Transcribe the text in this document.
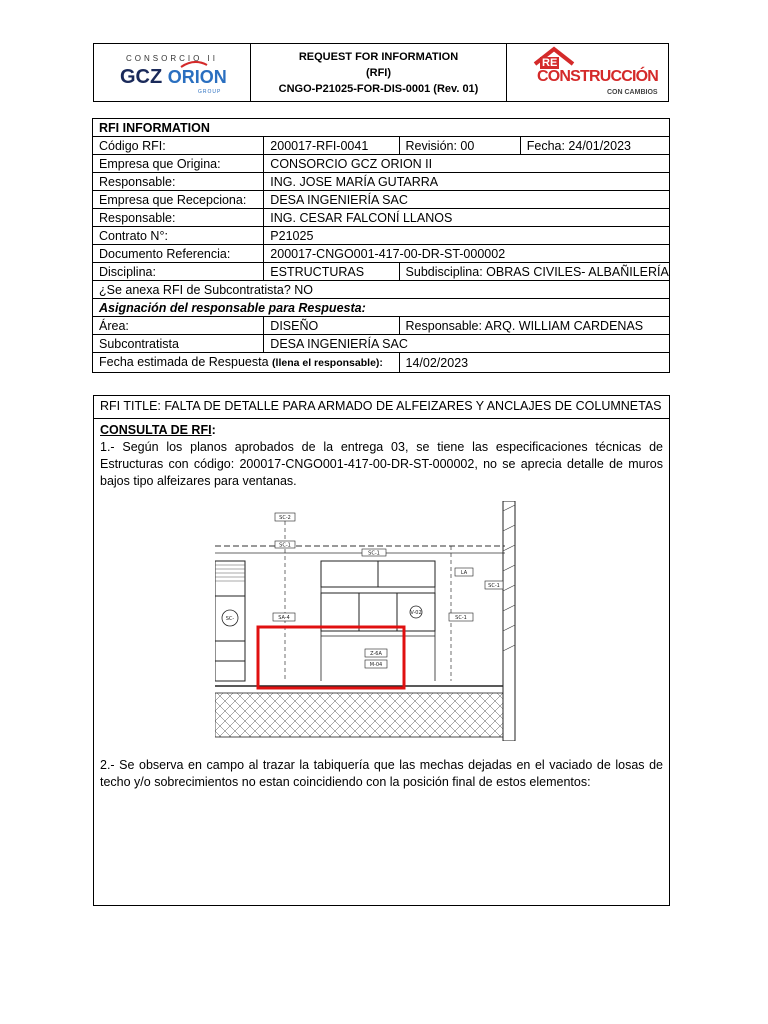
CONSORCIO II
GCZ ORION
GROUP
REQUEST FOR INFORMATION
(RFI)
CNGO-P21025-FOR-DIS-0001 (Rev. 01)
RE
CONSTRUCCIÓN
CON CAMBIOS
RFI INFORMATION			
Código RFI:	200017-RFI-0041	Revisión: 00	Fecha: 24/01/2023
Empresa que Origina:	CONSORCIO GCZ ORION II		
Responsable:	ING. JOSE MARÍA GUTARRA		
Empresa que Recepciona:	DESA INGENIERÍA SAC		
Responsable:	ING. CESAR FALCONÍ LLANOS		
Contrato N°:	P21025		
Documento Referencia:	200017-CNGO001-417-00-DR-ST-000002		
Disciplina:	ESTRUCTURAS	Subdisciplina: OBRAS CIVILES- ALBAÑILERÍA	
¿Se anexa RFI de Subcontratista? NO			
Asignación del responsable para Respuesta:			
Área:	DISEÑO	Responsable: ARQ. WILLIAM CARDENAS	
Subcontratista	DESA INGENIERÍA SAC		
Fecha estimada de Respuesta (llena el responsable):		14/02/2023	
RFI TITLE: FALTA DE DETALLE PARA ARMADO DE ALFEIZARES Y ANCLAJES DE COLUMNETAS
CONSULTA DE RFI:
1.- Según los planos aprobados de la entrega 03, se tiene las especificaciones técnicas de Estructuras con código: 200017-CNGO001-417-00-DR-ST-000002, no se aprecia detalle de muros bajos tipo alfeizares para ventanas.
SC-2
SC-1
SC-1
LA
SC-1
V-02
SC-1
SA-4
Z-6A
M-04
SC-
2.- Se observa en campo al trazar la tabiquería que las mechas dejadas en el vaciado de losas de techo y/o sobrecimientos no estan coincidiendo con la posición final de estos elementos:
